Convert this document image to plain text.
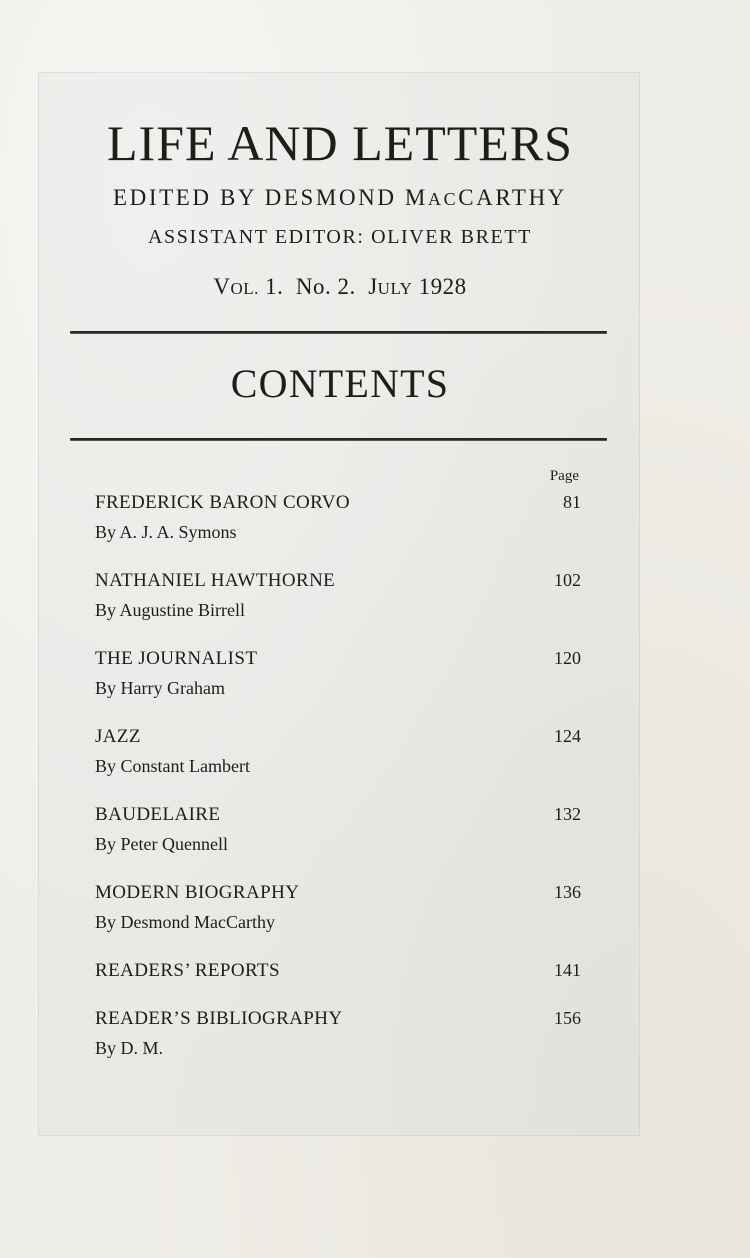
LIFE AND LETTERS
EDITED BY DESMOND MACCARTHY
ASSISTANT EDITOR: OLIVER BRETT
VOL. 1.  No. 2.  JULY 1928
CONTENTS
Page
FREDERICK BARON CORVO	81
By A. J. A. Symons
NATHANIEL HAWTHORNE	102
By Augustine Birrell
THE JOURNALIST	120
By Harry Graham
JAZZ	124
By Constant Lambert
BAUDELAIRE	132
By Peter Quennell
MODERN BIOGRAPHY	136
By Desmond MacCarthy
READERS’ REPORTS	141
READER’S BIBLIOGRAPHY	156
By D. M.
